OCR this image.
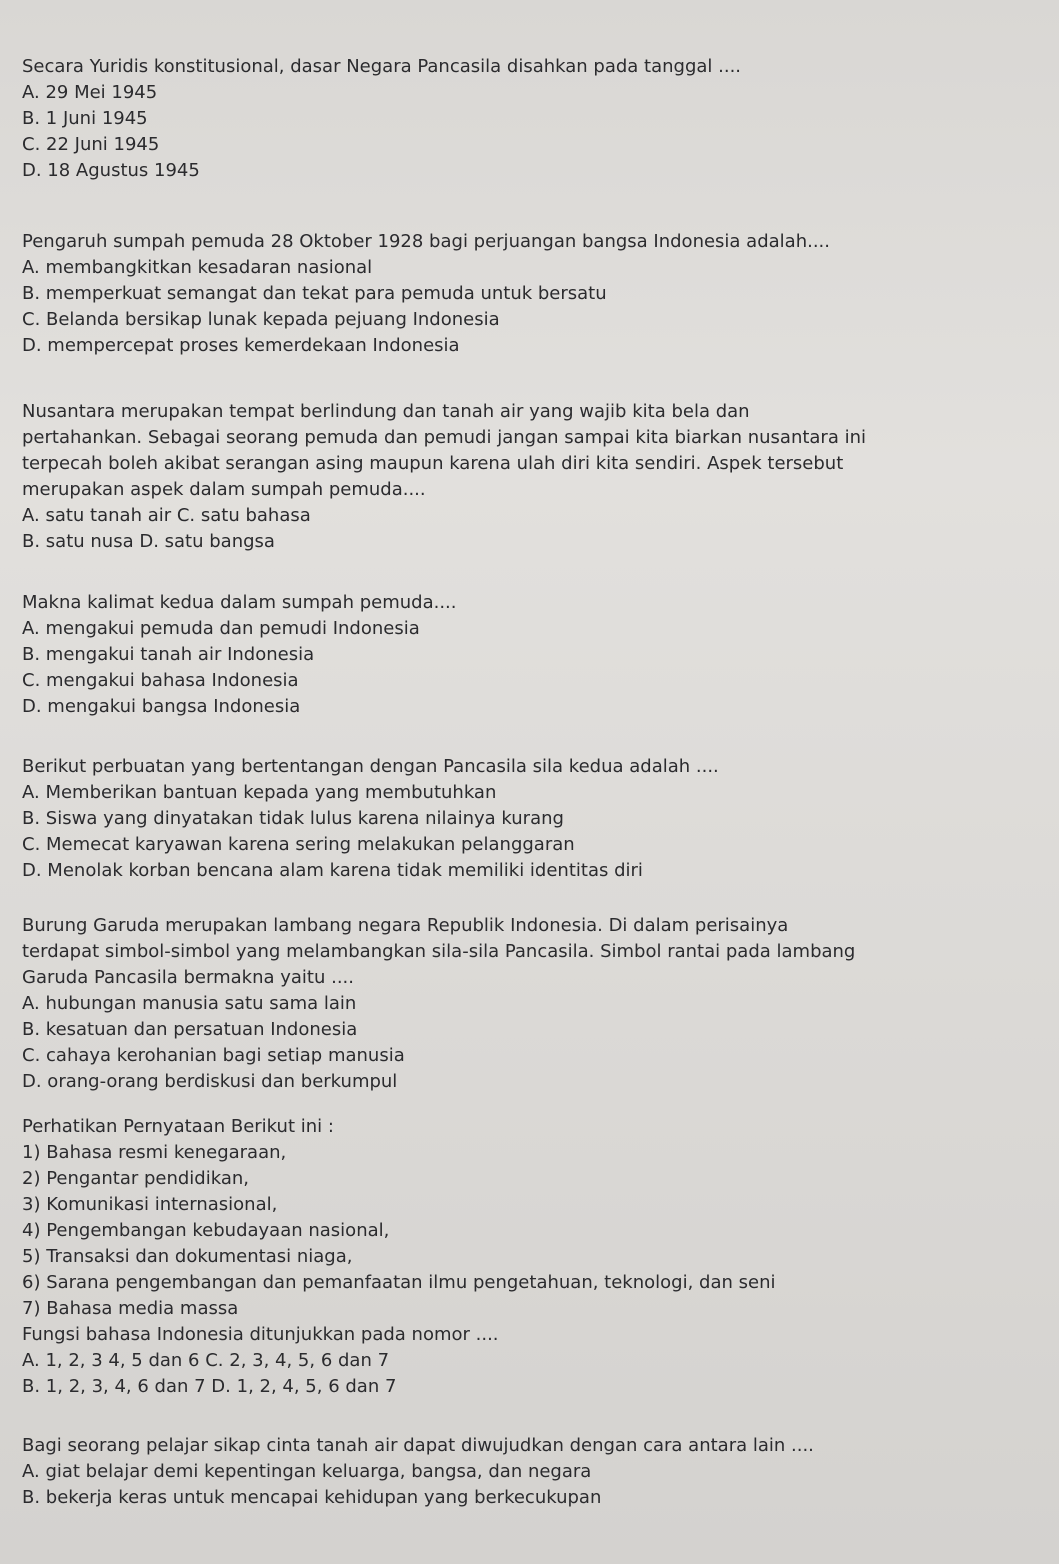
Secara Yuridis konstitusional, dasar Negara Pancasila disahkan pada tanggal ....
A. 29 Mei 1945
B. 1 Juni 1945
C. 22 Juni 1945
D. 18 Agustus 1945
Pengaruh sumpah pemuda 28 Oktober 1928 bagi perjuangan bangsa Indonesia adalah....
A. membangkitkan kesadaran nasional
B. memperkuat semangat dan tekat para pemuda untuk bersatu
C. Belanda bersikap lunak kepada pejuang Indonesia
D. mempercepat proses kemerdekaan Indonesia
Nusantara merupakan tempat berlindung dan tanah air yang wajib kita bela dan
pertahankan. Sebagai seorang pemuda dan pemudi jangan sampai kita biarkan nusantara ini
terpecah boleh akibat serangan asing maupun karena ulah diri kita sendiri. Aspek tersebut
merupakan aspek dalam sumpah pemuda....
A. satu tanah air C. satu bahasa
B. satu nusa D. satu bangsa
Makna kalimat kedua dalam sumpah pemuda....
A. mengakui pemuda dan pemudi Indonesia
B. mengakui tanah air Indonesia
C. mengakui bahasa Indonesia
D. mengakui bangsa Indonesia
Berikut perbuatan yang bertentangan dengan Pancasila sila kedua adalah ....
A. Memberikan bantuan kepada yang membutuhkan
B. Siswa yang dinyatakan tidak lulus karena nilainya kurang
C. Memecat karyawan karena sering melakukan pelanggaran
D. Menolak korban bencana alam karena tidak memiliki identitas diri
Burung Garuda merupakan lambang negara Republik Indonesia. Di dalam perisainya
terdapat simbol-simbol yang melambangkan sila-sila Pancasila. Simbol rantai pada lambang
Garuda Pancasila bermakna yaitu ....
A. hubungan manusia satu sama lain
B. kesatuan dan persatuan Indonesia
C. cahaya kerohanian bagi setiap manusia
D. orang-orang berdiskusi dan berkumpul
Perhatikan Pernyataan Berikut ini :
1) Bahasa resmi kenegaraan,
2) Pengantar pendidikan,
3) Komunikasi internasional,
4) Pengembangan kebudayaan nasional,
5) Transaksi dan dokumentasi niaga,
6) Sarana pengembangan dan pemanfaatan ilmu pengetahuan, teknologi, dan seni
7) Bahasa media massa
Fungsi bahasa Indonesia ditunjukkan pada nomor ....
A. 1, 2, 3 4, 5 dan 6 C. 2, 3, 4, 5, 6 dan 7
B. 1, 2, 3, 4, 6 dan 7 D. 1, 2, 4, 5, 6 dan 7
Bagi seorang pelajar sikap cinta tanah air dapat diwujudkan dengan cara antara lain ....
A. giat belajar demi kepentingan keluarga, bangsa, dan negara
B. bekerja keras untuk mencapai kehidupan yang berkecukupan
